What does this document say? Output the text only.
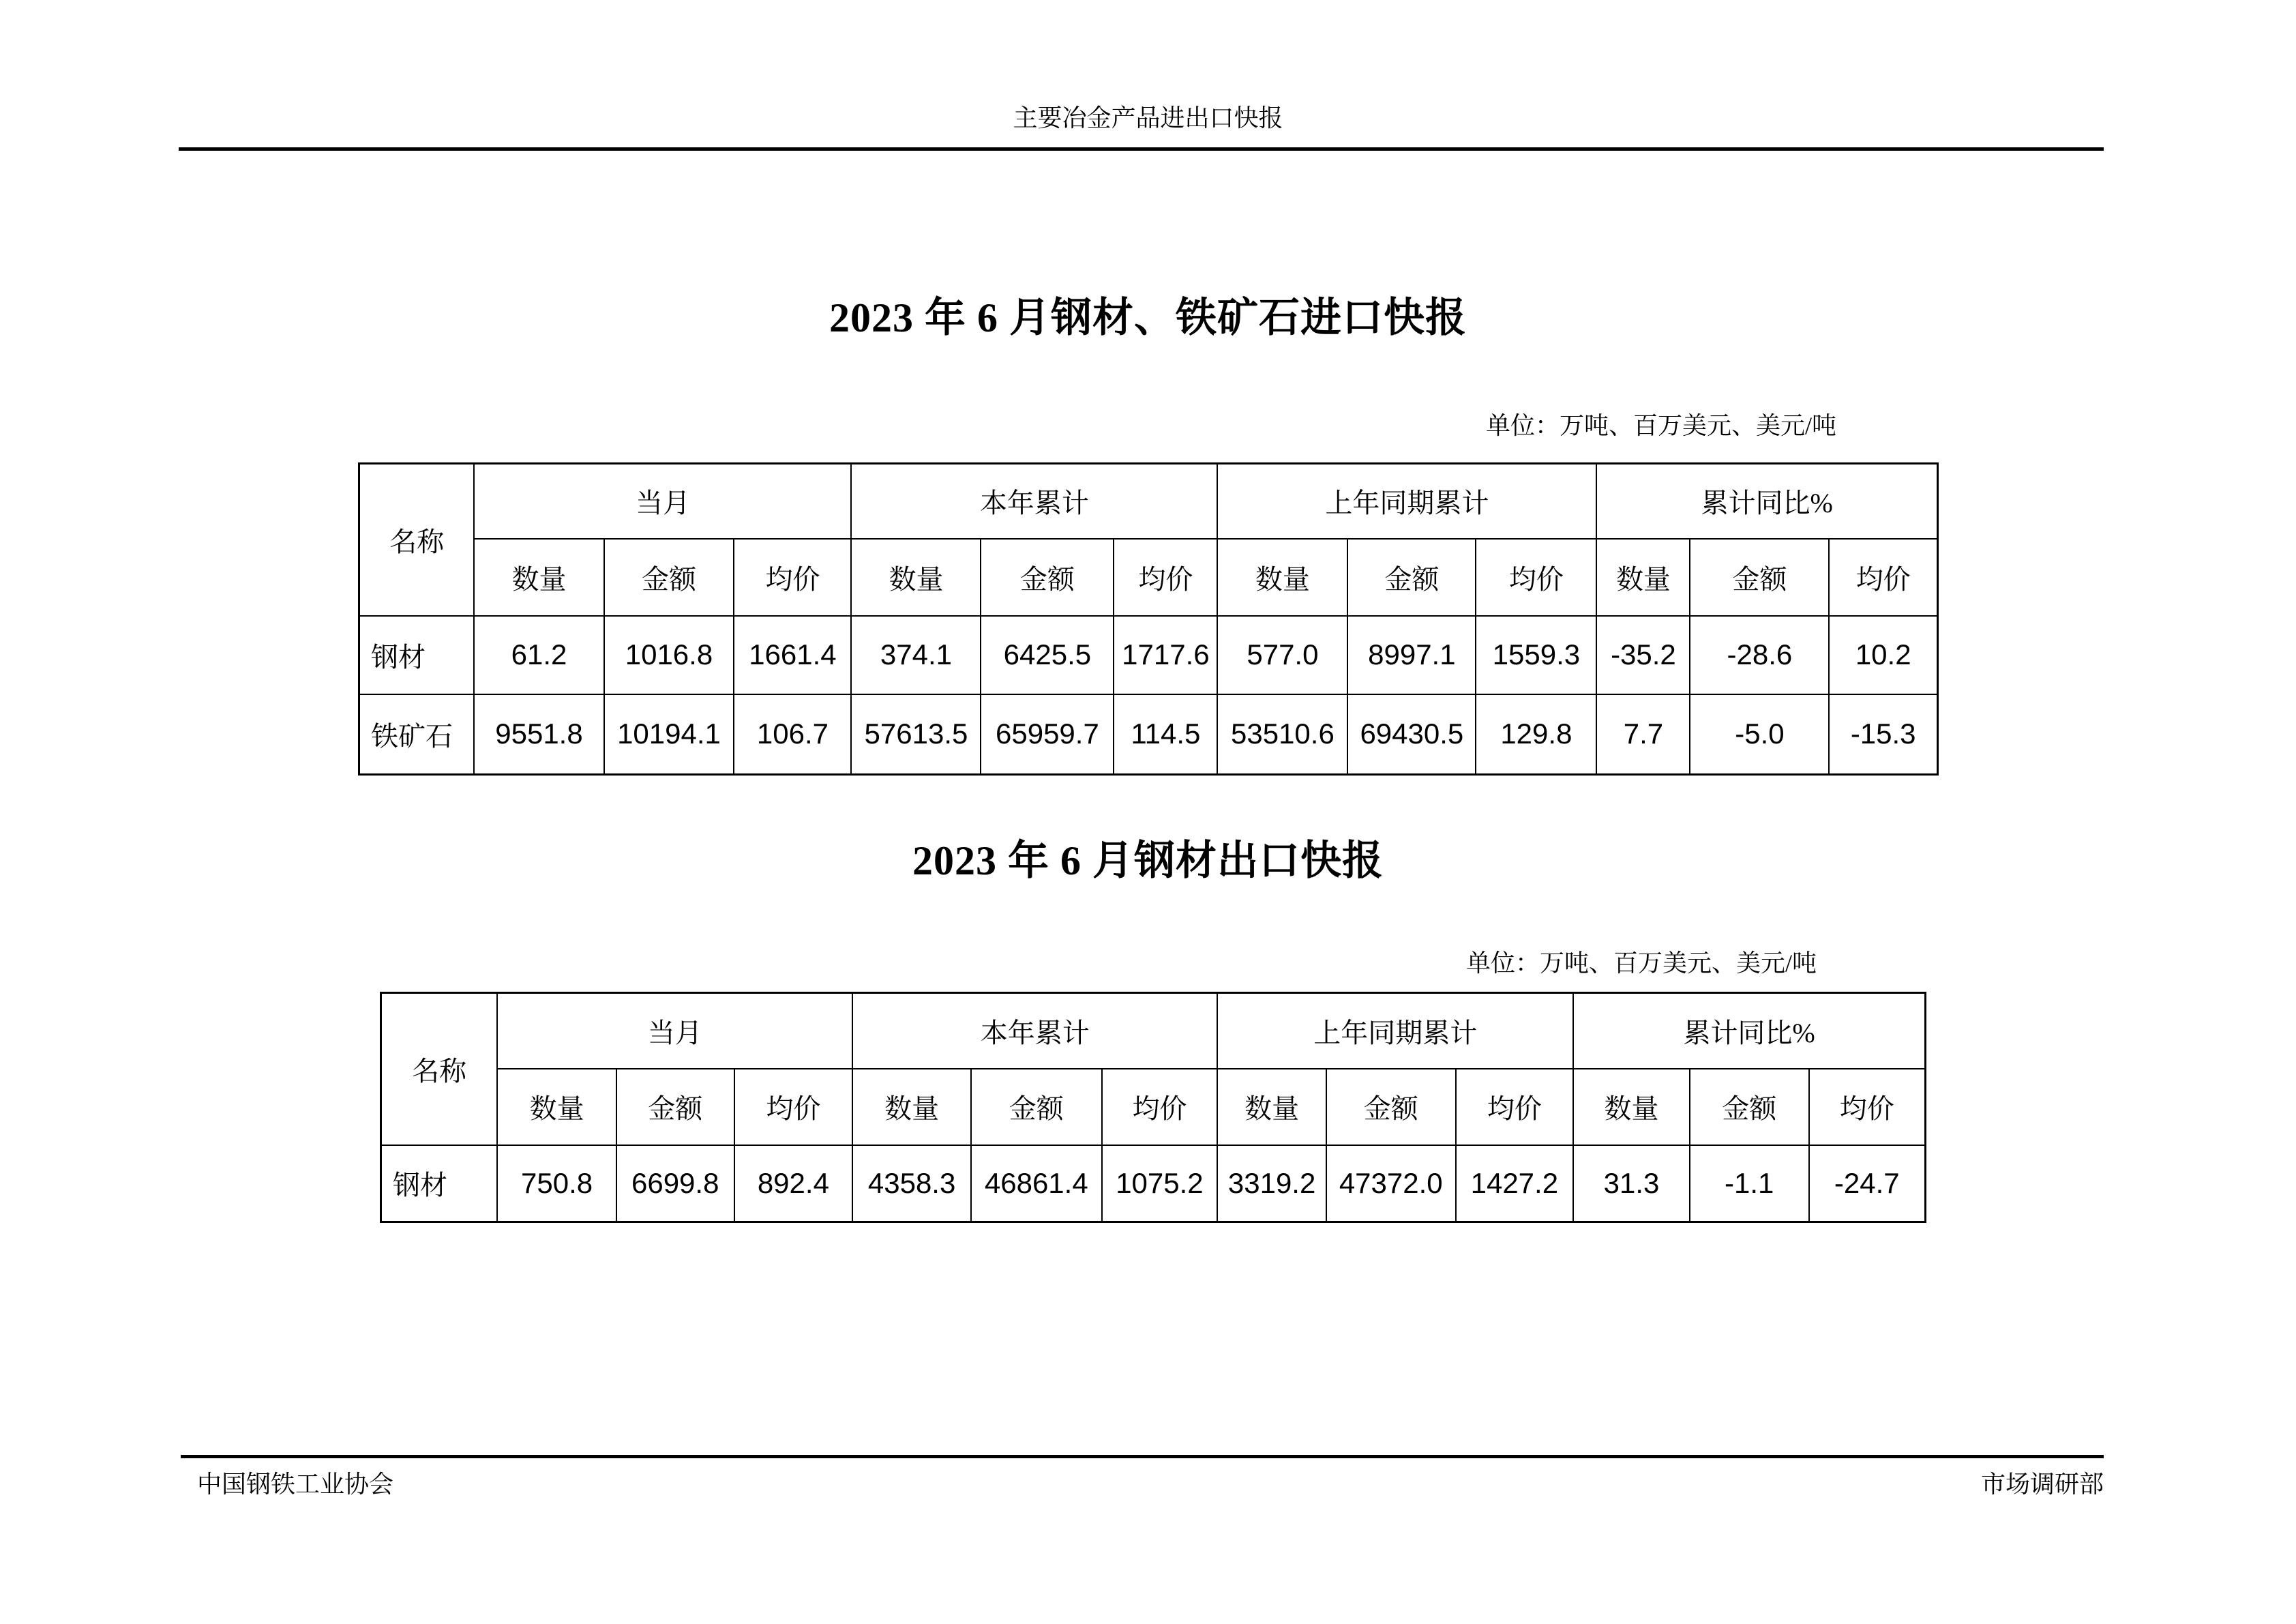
主要冶金产品进出口快报
2023 年 6 月钢材、铁矿石进口快报
单位：万吨、百万美元、美元/吨
名称	当月			本年累计			上年同期累计			累计同比%		
	数量	金额	均价	数量	金额	均价	数量	金额	均价	数量	金额	均价
钢材	61.2	1016.8	1661.4	374.1	6425.5	1717.6	577.0	8997.1	1559.3	-35.2	-28.6	10.2
铁矿石	9551.8	10194.1	106.7	57613.5	65959.7	114.5	53510.6	69430.5	129.8	7.7	-5.0	-15.3
2023 年 6 月钢材出口快报
单位：万吨、百万美元、美元/吨
名称	当月			本年累计			上年同期累计			累计同比%		
	数量	金额	均价	数量	金额	均价	数量	金额	均价	数量	金额	均价
钢材	750.8	6699.8	892.4	4358.3	46861.4	1075.2	3319.2	47372.0	1427.2	31.3	-1.1	-24.7
中国钢铁工业协会	市场调研部
